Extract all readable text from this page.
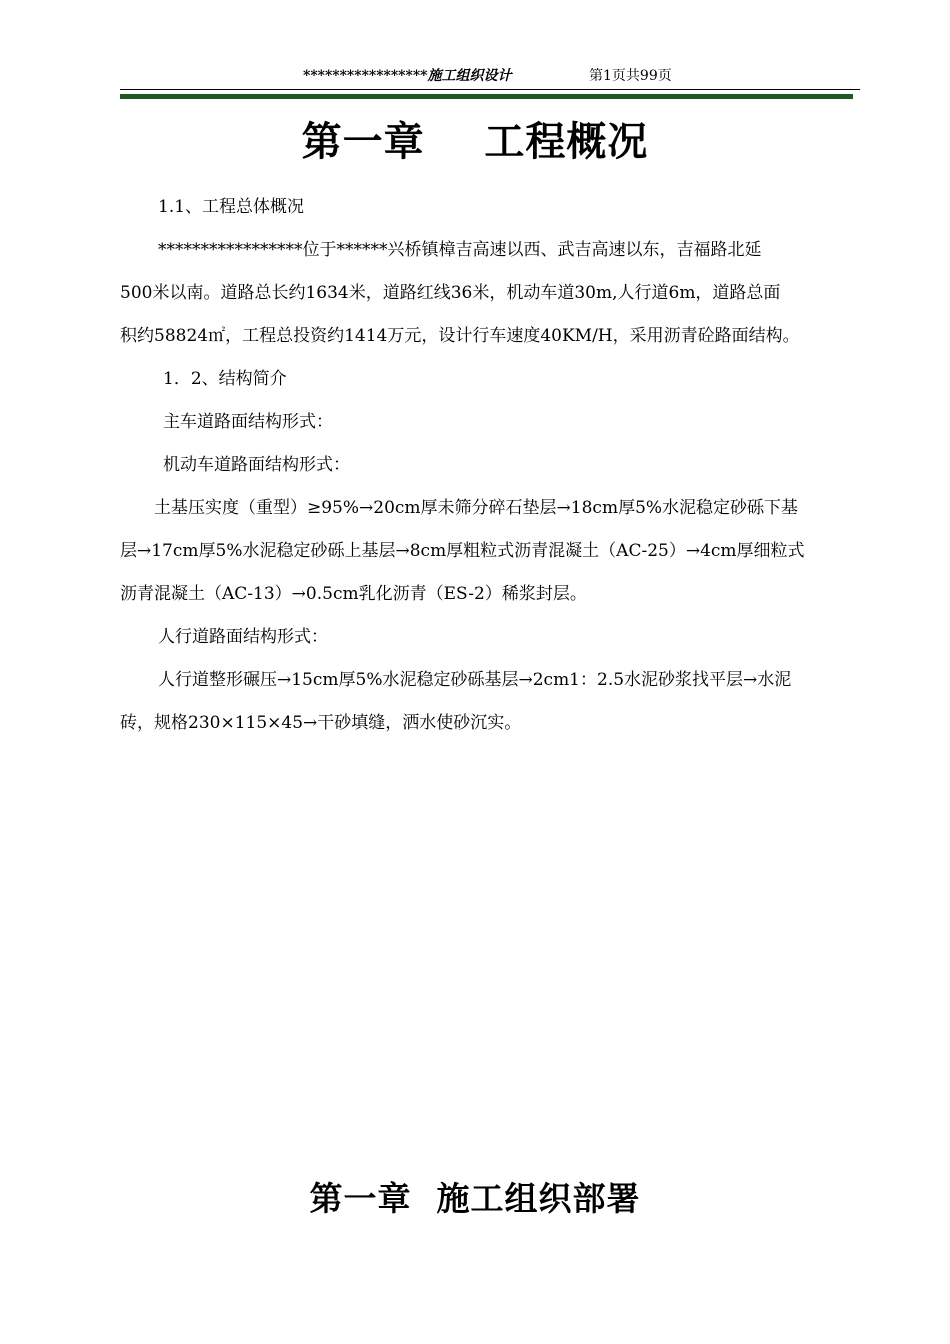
*****************施工组织设计	第1页共99页
第一章    工程概况
1.1、工程总体概况
*****************位于******兴桥镇樟吉高速以西、武吉高速以东，吉福路北延
500米以南。道路总长约1634米，道路红线36米，机动车道30m,人行道6m，道路总面
积约58824㎡，工程总投资约1414万元，设计行车速度40KM/H，采用沥青砼路面结构。
1．2、结构简介
主车道路面结构形式：
机动车道路面结构形式：
土基压实度（重型）≥95%→20cm厚未筛分碎石垫层→18cm厚5%水泥稳定砂砾下基
层→17cm厚5%水泥稳定砂砾上基层→8cm厚粗粒式沥青混凝土（AC-25）→4cm厚细粒式
沥青混凝土（AC-13）→0.5cm乳化沥青（ES-2）稀浆封层。
人行道路面结构形式：
人行道整形碾压→15cm厚5%水泥稳定砂砾基层→2cm1：2.5水泥砂浆找平层→水泥
砖，规格230×115×45→干砂填缝，洒水使砂沉实。
第一章  施工组织部署
